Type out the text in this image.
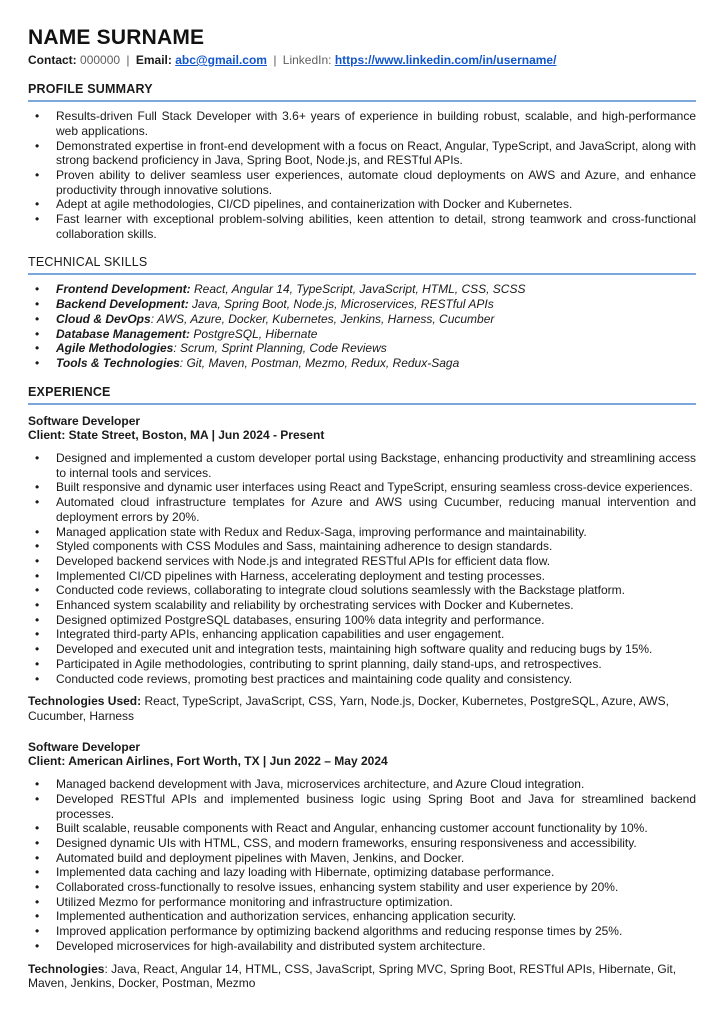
NAME SURNAME
Contact: 000000 | Email: abc@gmail.com | LinkedIn: https://www.linkedin.com/in/username/
PROFILE SUMMARY
• Results-driven Full Stack Developer with 3.6+ years of experience in building robust, scalable, and high-performance web applications.
• Demonstrated expertise in front-end development with a focus on React, Angular, TypeScript, and JavaScript, along with strong backend proficiency in Java, Spring Boot, Node.js, and RESTful APIs.
• Proven ability to deliver seamless user experiences, automate cloud deployments on AWS and Azure, and enhance productivity through innovative solutions.
• Adept at agile methodologies, CI/CD pipelines, and containerization with Docker and Kubernetes.
• Fast learner with exceptional problem-solving abilities, keen attention to detail, strong teamwork and cross-functional collaboration skills.
TECHNICAL SKILLS
• Frontend Development: React, Angular 14, TypeScript, JavaScript, HTML, CSS, SCSS
• Backend Development: Java, Spring Boot, Node.js, Microservices, RESTful APIs
• Cloud & DevOps: AWS, Azure, Docker, Kubernetes, Jenkins, Harness, Cucumber
• Database Management: PostgreSQL, Hibernate
• Agile Methodologies: Scrum, Sprint Planning, Code Reviews
• Tools & Technologies: Git, Maven, Postman, Mezmo, Redux, Redux-Saga
EXPERIENCE
Software Developer
Client: State Street, Boston, MA | Jun 2024 - Present
• Designed and implemented a custom developer portal using Backstage, enhancing productivity and streamlining access to internal tools and services.
• Built responsive and dynamic user interfaces using React and TypeScript, ensuring seamless cross-device experiences.
• Automated cloud infrastructure templates for Azure and AWS using Cucumber, reducing manual intervention and deployment errors by 20%.
• Managed application state with Redux and Redux-Saga, improving performance and maintainability.
• Styled components with CSS Modules and Sass, maintaining adherence to design standards.
• Developed backend services with Node.js and integrated RESTful APIs for efficient data flow.
• Implemented CI/CD pipelines with Harness, accelerating deployment and testing processes.
• Conducted code reviews, collaborating to integrate cloud solutions seamlessly with the Backstage platform.
• Enhanced system scalability and reliability by orchestrating services with Docker and Kubernetes.
• Designed optimized PostgreSQL databases, ensuring 100% data integrity and performance.
• Integrated third-party APIs, enhancing application capabilities and user engagement.
• Developed and executed unit and integration tests, maintaining high software quality and reducing bugs by 15%.
• Participated in Agile methodologies, contributing to sprint planning, daily stand-ups, and retrospectives.
• Conducted code reviews, promoting best practices and maintaining code quality and consistency.
Technologies Used: React, TypeScript, JavaScript, CSS, Yarn, Node.js, Docker, Kubernetes, PostgreSQL, Azure, AWS, Cucumber, Harness
Software Developer
Client: American Airlines, Fort Worth, TX | Jun 2022 – May 2024
• Managed backend development with Java, microservices architecture, and Azure Cloud integration.
• Developed RESTful APIs and implemented business logic using Spring Boot and Java for streamlined backend processes.
• Built scalable, reusable components with React and Angular, enhancing customer account functionality by 10%.
• Designed dynamic UIs with HTML, CSS, and modern frameworks, ensuring responsiveness and accessibility.
• Automated build and deployment pipelines with Maven, Jenkins, and Docker.
• Implemented data caching and lazy loading with Hibernate, optimizing database performance.
• Collaborated cross-functionally to resolve issues, enhancing system stability and user experience by 20%.
• Utilized Mezmo for performance monitoring and infrastructure optimization.
• Implemented authentication and authorization services, enhancing application security.
• Improved application performance by optimizing backend algorithms and reducing response times by 25%.
• Developed microservices for high-availability and distributed system architecture.
Technologies: Java, React, Angular 14, HTML, CSS, JavaScript, Spring MVC, Spring Boot, RESTful APIs, Hibernate, Git, Maven, Jenkins, Docker, Postman, Mezmo
